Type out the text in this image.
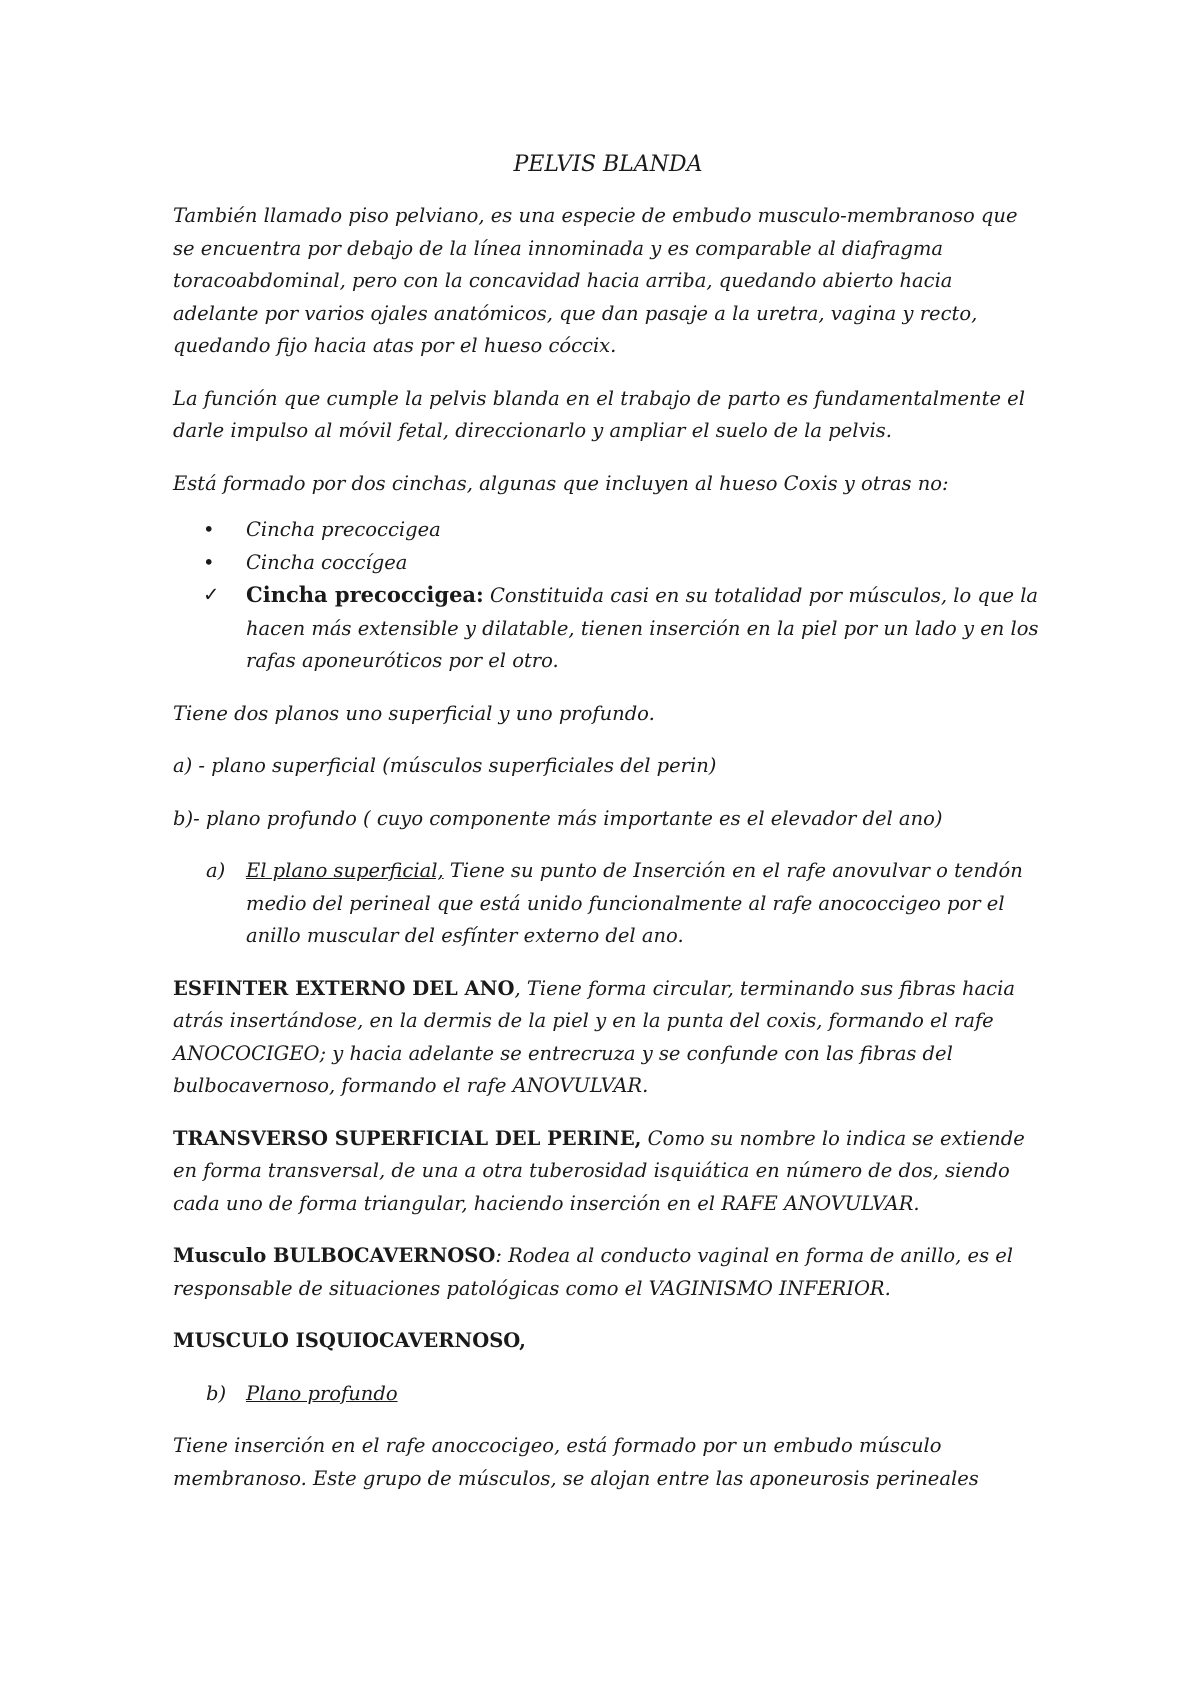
PELVIS BLANDA

También llamado piso pelviano, es una especie de embudo musculo-membranoso que se encuentra por debajo de la línea innominada y es comparable al diafragma toracoabdominal, pero con la concavidad hacia arriba, quedando abierto hacia adelante por varios ojales anatómicos, que dan pasaje a la uretra, vagina y recto, quedando fijo hacia atas por el hueso cóccix.

La función que cumple la pelvis blanda en el trabajo de parto es fundamentalmente el darle impulso al móvil fetal, direccionarlo y ampliar el suelo de la pelvis.

Está formado por dos cinchas, algunas que incluyen al hueso Coxis y otras no:

• Cincha precoccigea
• Cincha coccígea
✓ Cincha precoccigea: Constituida casi en su totalidad por músculos, lo que la hacen más extensible y dilatable, tienen inserción en la piel por un lado y en los rafas aponeuróticos por el otro.

Tiene dos planos uno superficial y uno profundo.

a) - plano superficial (músculos superficiales del perin)

b)- plano profundo ( cuyo componente más importante es el elevador del ano)

a) El plano superficial, Tiene su punto de Inserción en el rafe anovulvar o tendón medio del perineal que está unido funcionalmente al rafe anococcigeo por el anillo muscular del esfínter externo del ano.

ESFINTER EXTERNO DEL ANO, Tiene forma circular, terminando sus fibras hacia atrás insertándose, en la dermis de la piel y en la punta del coxis, formando el rafe ANOCOCIGEO; y hacia adelante se entrecruza y se confunde con las fibras del bulbocavernoso, formando el rafe ANOVULVAR.

TRANSVERSO SUPERFICIAL DEL PERINE, Como su nombre lo indica se extiende en forma transversal, de una a otra tuberosidad isquiática en número de dos, siendo cada uno de forma triangular, haciendo inserción en el RAFE ANOVULVAR.

Musculo BULBOCAVERNOSO: Rodea al conducto vaginal en forma de anillo, es el responsable de situaciones patológicas como el VAGINISMO INFERIOR.

MUSCULO ISQUIOCAVERNOSO,

b) Plano profundo

Tiene inserción en el rafe anoccocigeo, está formado por un embudo músculo membranoso. Este grupo de músculos, se alojan entre las aponeurosis perineales
